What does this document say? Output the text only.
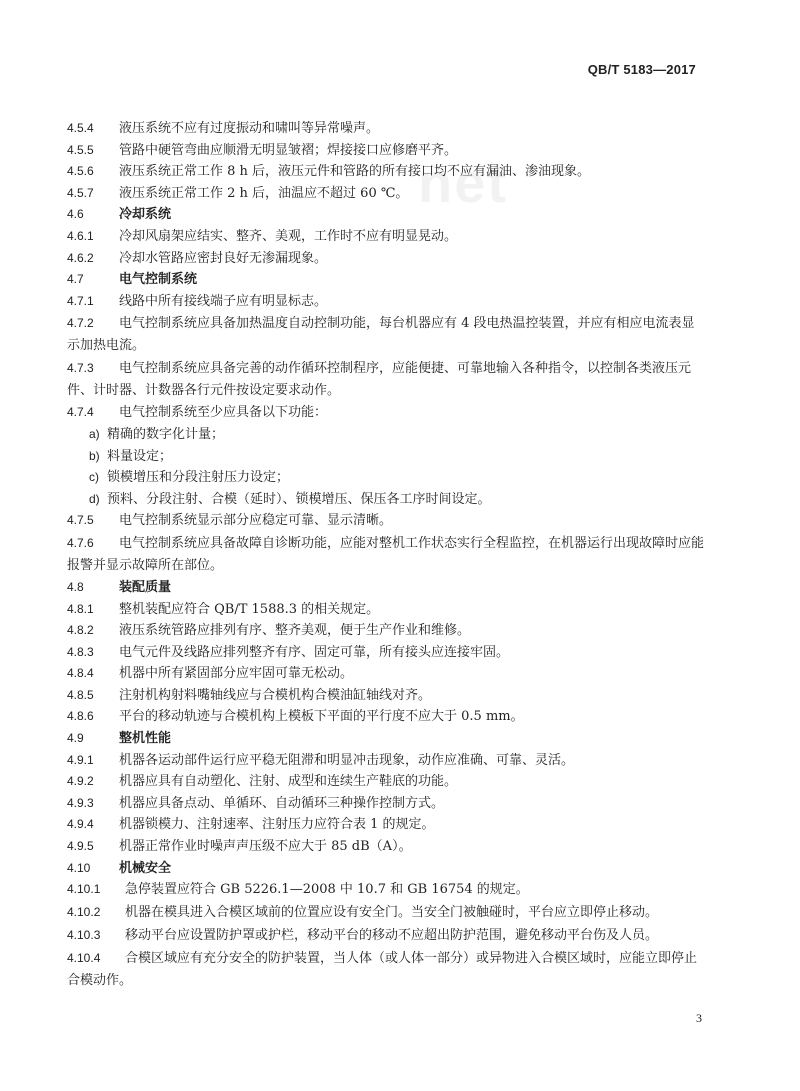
QB/T 5183—2017
net
4.5.4 液压系统不应有过度振动和啸叫等异常噪声。
4.5.5 管路中硬管弯曲应顺滑无明显皱褶；焊接接口应修磨平齐。
4.5.6 液压系统正常工作 8 h 后，液压元件和管路的所有接口均不应有漏油、渗油现象。
4.5.7 液压系统正常工作 2 h 后，油温应不超过 60 ℃。
4.6	冷却系统
4.6.1 冷却风扇架应结实、整齐、美观，工作时不应有明显晃动。
4.6.2 冷却水管路应密封良好无渗漏现象。
4.7	电气控制系统
4.7.1 线路中所有接线端子应有明显标志。
4.7.2 电气控制系统应具备加热温度自动控制功能，每台机器应有 4 段电热温控装置，并应有相应电流表显示加热电流。
4.7.3 电气控制系统应具备完善的动作循环控制程序，应能便捷、可靠地输入各种指令，以控制各类液压元件、计时器、计数器各行元件按设定要求动作。
4.7.4 电气控制系统至少应具备以下功能：
a) 精确的数字化计量；
b) 料量设定；
c) 锁模增压和分段注射压力设定；
d) 预料、分段注射、合模（延时）、锁模增压、保压各工序时间设定。
4.7.5 电气控制系统显示部分应稳定可靠、显示清晰。
4.7.6 电气控制系统应具备故障自诊断功能，应能对整机工作状态实行全程监控，在机器运行出现故障时应能报警并显示故障所在部位。
4.8	装配质量
4.8.1 整机装配应符合 QB/T 1588.3 的相关规定。
4.8.2 液压系统管路应排列有序、整齐美观，便于生产作业和维修。
4.8.3 电气元件及线路应排列整齐有序、固定可靠，所有接头应连接牢固。
4.8.4 机器中所有紧固部分应牢固可靠无松动。
4.8.5 注射机构射料嘴轴线应与合模机构合模油缸轴线对齐。
4.8.6 平台的移动轨迹与合模机构上模板下平面的平行度不应大于 0.5 mm。
4.9	整机性能
4.9.1 机器各运动部件运行应平稳无阻滞和明显冲击现象，动作应准确、可靠、灵活。
4.9.2 机器应具有自动塑化、注射、成型和连续生产鞋底的功能。
4.9.3 机器应具备点动、单循环、自动循环三种操作控制方式。
4.9.4 机器锁模力、注射速率、注射压力应符合表 1 的规定。
4.9.5 机器正常作业时噪声声压级不应大于 85 dB（A）。
4.10 机械安全
4.10.1 急停装置应符合 GB 5226.1—2008 中 10.7 和 GB 16754 的规定。
4.10.2 机器在模具进入合模区域前的位置应设有安全门。当安全门被触碰时，平台应立即停止移动。
4.10.3 移动平台应设置防护罩或护栏，移动平台的移动不应超出防护范围，避免移动平台伤及人员。
4.10.4 合模区域应有充分安全的防护装置，当人体（或人体一部分）或异物进入合模区域时，应能立即停止合模动作。
3
